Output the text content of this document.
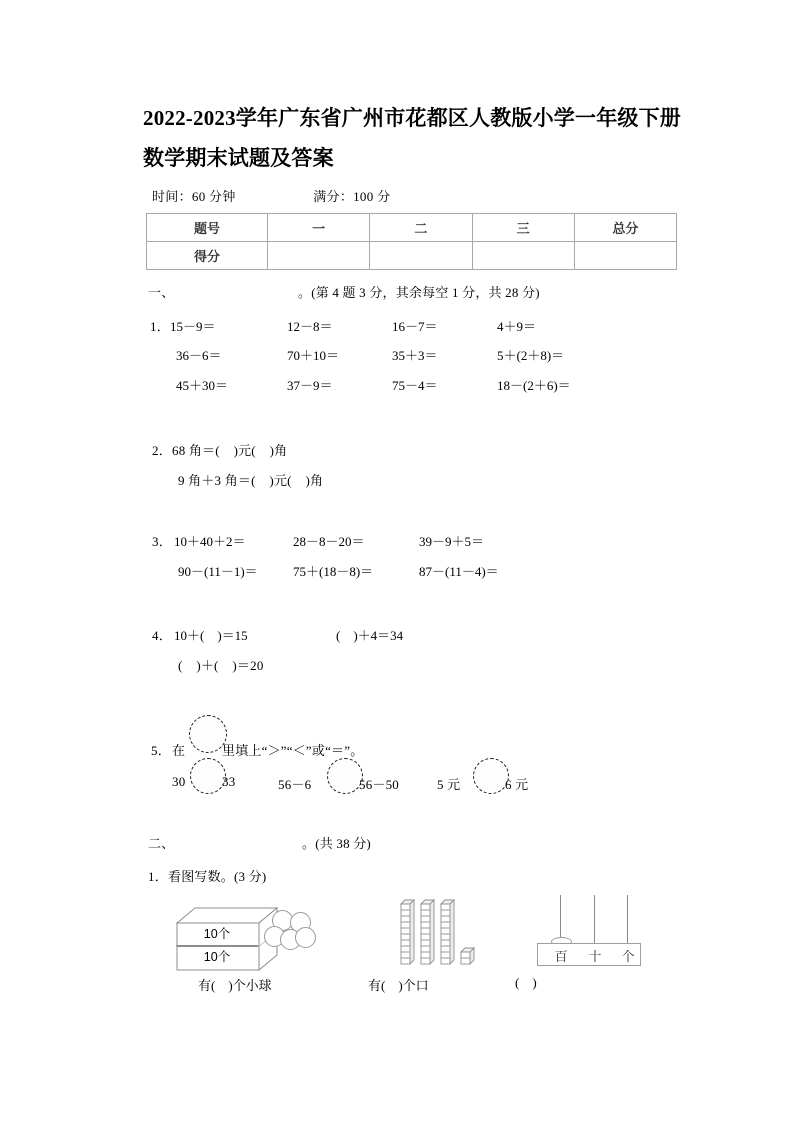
2022-2023学年广东省广州市花都区人教版小学一年级下册
数学期末试题及答案
时间：60 分钟	满分：100 分
题号	一	二	三	总分
得分				
一、	。(第 4 题 3 分，其余每空 1 分，共 28 分)
1． 15－9＝	12－8＝	16－7＝	4＋9＝
36－6＝	70＋10＝	35＋3＝	5＋(2＋8)＝
45＋30＝	37－9＝	75－4＝	18－(2＋6)＝
2． 68 角＝(    )元(    )角
9 角＋3 角＝(    )元(    )角
3． 10＋40＋2＝	28－8－20＝	39－9＋5＝
90－(11－1)＝	75＋(18－8)＝	87－(11－4)＝
4． 10＋(    )＝15	(    )＋4＝34
(    )＋(    )＝20
5． 在	里填上“＞”“＜”或“＝”。
30	33	56－6	56－50	5 元	6 元
二、	。(共 38 分)
1． 看图写数。(3 分)
10个
10个
有(    )个小球	有(    )个口
百 十 个
(    )
